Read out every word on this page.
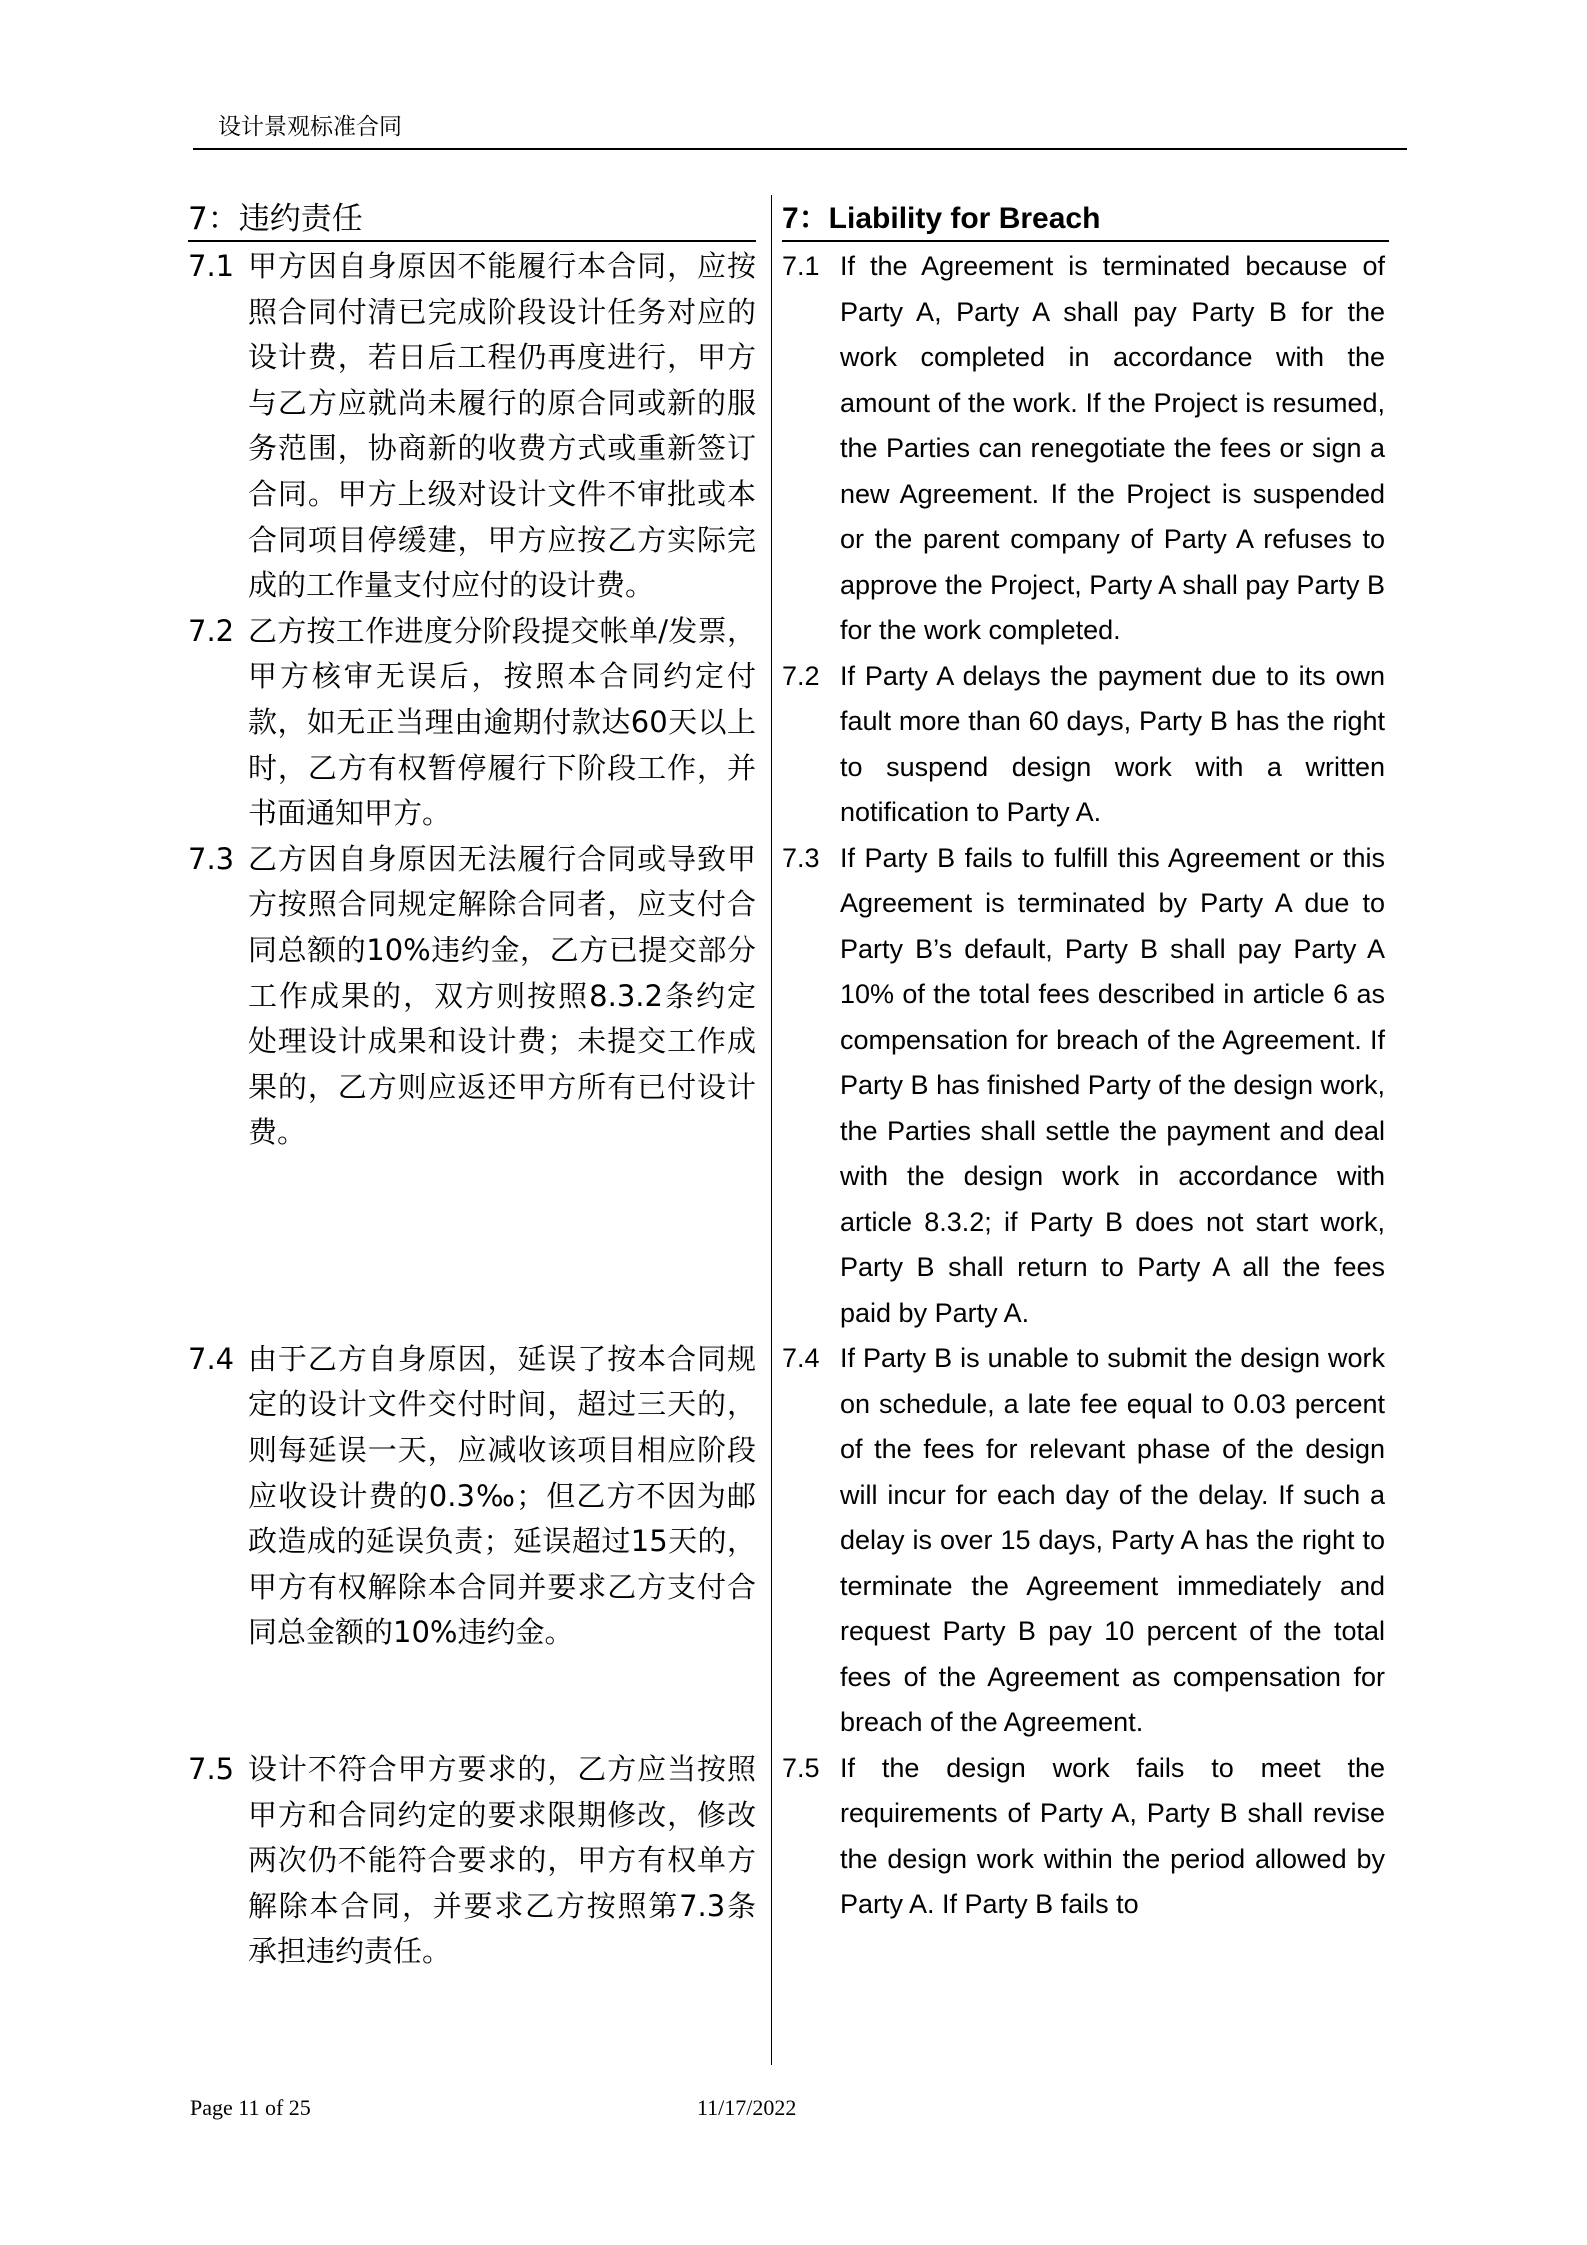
设计景观标准合同
7：违约责任
7.1 甲方因自身原因不能履行本合同，应按照合同付清已完成阶段设计任务对应的设计费，若日后工程仍再度进行，甲方与乙方应就尚未履行的原合同或新的服务范围，协商新的收费方式或重新签订合同。甲方上级对设计文件不审批或本合同项目停缓建，甲方应按乙方实际完成的工作量支付应付的设计费。
7.2 乙方按工作进度分阶段提交帐单/发票，甲方核审无误后，按照本合同约定付款，如无正当理由逾期付款达60天以上时，乙方有权暂停履行下阶段工作，并书面通知甲方。
7.3 乙方因自身原因无法履行合同或导致甲方按照合同规定解除合同者，应支付合同总额的10%违约金，乙方已提交部分工作成果的，双方则按照8.3.2条约定处理设计成果和设计费；未提交工作成果的，乙方则应返还甲方所有已付设计费。
7.4 由于乙方自身原因，延误了按本合同规定的设计文件交付时间，超过三天的，则每延误一天，应减收该项目相应阶段应收设计费的0.3‰；但乙方不因为邮政造成的延误负责；延误超过15天的，甲方有权解除本合同并要求乙方支付合同总金额的10%违约金。
7.5 设计不符合甲方要求的，乙方应当按照甲方和合同约定的要求限期修改，修改两次仍不能符合要求的，甲方有权单方解除本合同，并要求乙方按照第7.3条承担违约责任。
7：Liability for Breach
7.1 If the Agreement is terminated because of Party A, Party A shall pay Party B for the work completed in accordance with the amount of the work. If the Project is resumed, the Parties can renegotiate the fees or sign a new Agreement. If the Project is suspended or the parent company of Party A refuses to approve the Project, Party A shall pay Party B for the work completed.
7.2 If Party A delays the payment due to its own fault more than 60 days, Party B has the right to suspend design work with a written notification to Party A.
7.3 If Party B fails to fulfill this Agreement or this Agreement is terminated by Party A due to Party B’s default, Party B shall pay Party A 10% of the total fees described in article 6 as compensation for breach of the Agreement. If Party B has finished Party of the design work, the Parties shall settle the payment and deal with the design work in accordance with article 8.3.2; if Party B does not start work, Party B shall return to Party A all the fees paid by Party A.
7.4 If Party B is unable to submit the design work on schedule, a late fee equal to 0.03 percent of the fees for relevant phase of the design will incur for each day of the delay. If such a delay is over 15 days, Party A has the right to terminate the Agreement immediately and request Party B pay 10 percent of the total fees of the Agreement as compensation for breach of the Agreement.
7.5 If the design work fails to meet the requirements of Party A, Party B shall revise the design work within the period allowed by Party A. If Party B fails to
Page 11 of 25	11/17/2022
